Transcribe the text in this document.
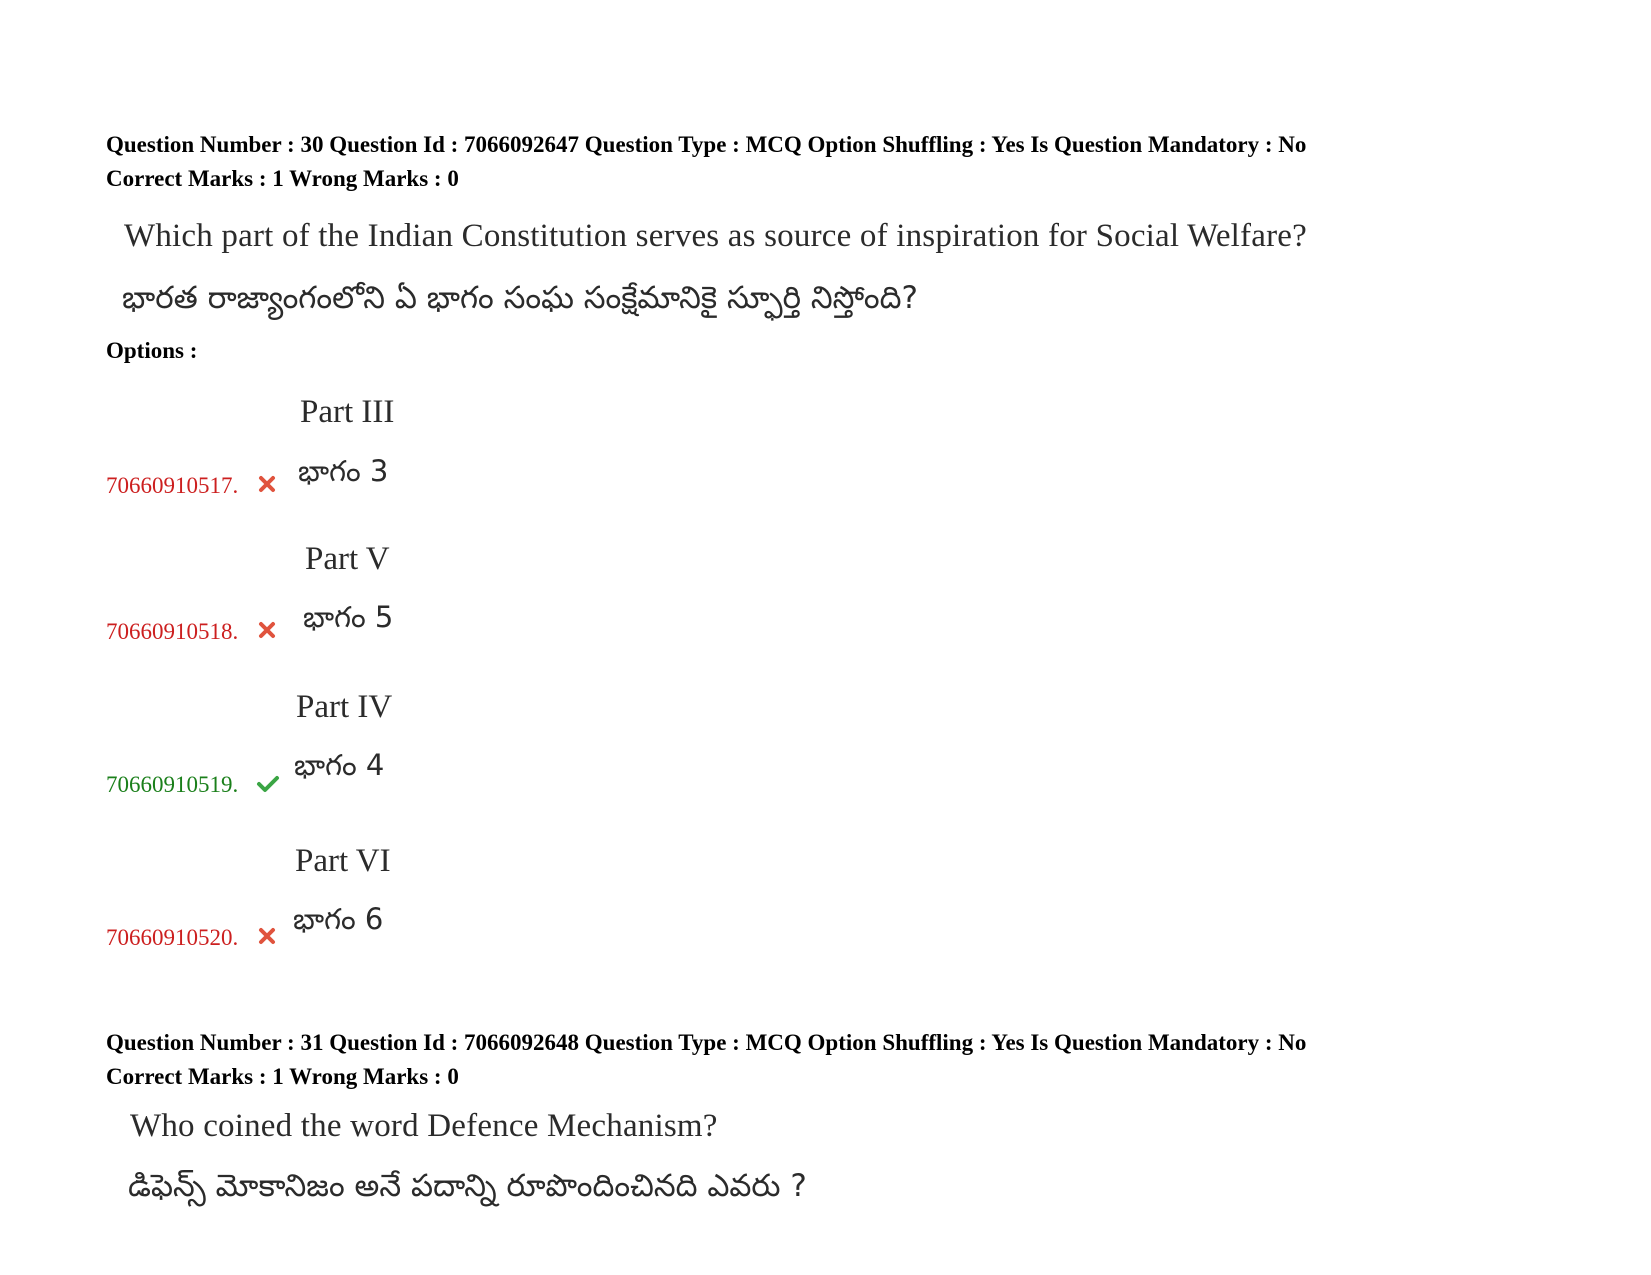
Question Number : 30 Question Id : 7066092647 Question Type : MCQ Option Shuffling : Yes Is Question Mandatory : No
Correct Marks : 1 Wrong Marks : 0
Which part of the Indian Constitution serves as source of inspiration for Social Welfare?
భారత రాజ్యాంగంలోని ఏ భాగం సంఘ సంక్షేమానికై స్ఫూర్తి నిస్తోంది?
Options :
Part III
భాగం 3
70660910517.
Part V
భాగం 5
70660910518.
Part IV
భాగం 4
70660910519.
Part VI
భాగం 6
70660910520.
Question Number : 31 Question Id : 7066092648 Question Type : MCQ Option Shuffling : Yes Is Question Mandatory : No
Correct Marks : 1 Wrong Marks : 0
Who coined the word Defence Mechanism?
డిఫెన్స్ మోకానిజం అనే పదాన్ని రూపొందించినది ఎవరు ?
